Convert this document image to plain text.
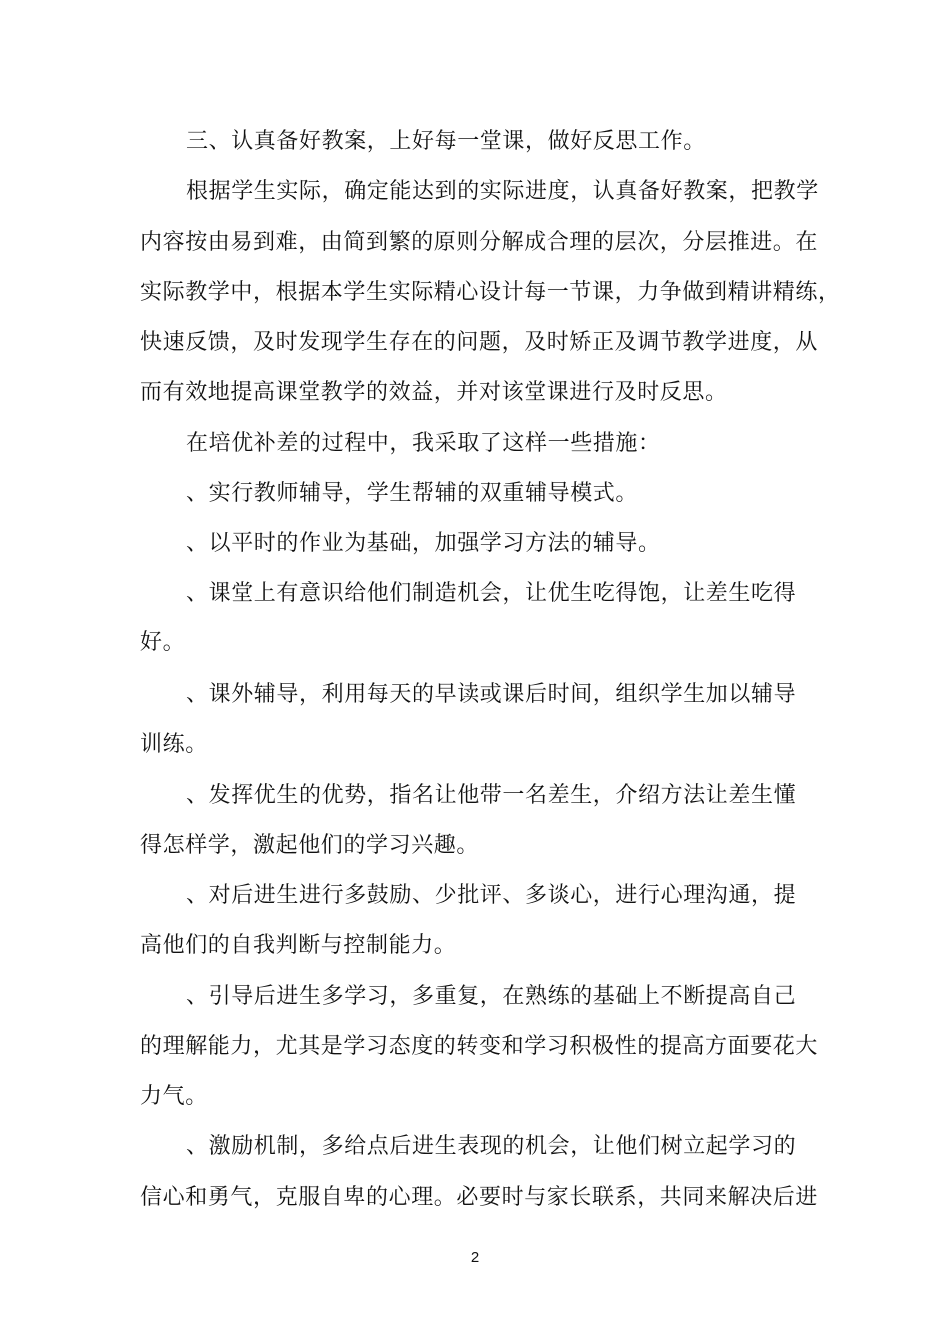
三、认真备好教案，上好每一堂课，做好反思工作。
根据学生实际，确定能达到的实际进度，认真备好教案，把教学
内容按由易到难，由简到繁的原则分解成合理的层次，分层推进。在
实际教学中，根据本学生实际精心设计每一节课，力争做到精讲精练，
快速反馈，及时发现学生存在的问题，及时矫正及调节教学进度，从
而有效地提高课堂教学的效益，并对该堂课进行及时反思。
在培优补差的过程中，我采取了这样一些措施：
、实行教师辅导，学生帮辅的双重辅导模式。
、以平时的作业为基础，加强学习方法的辅导。
、课堂上有意识给他们制造机会，让优生吃得饱，让差生吃得
好。
、课外辅导，利用每天的早读或课后时间，组织学生加以辅导
训练。
、发挥优生的优势，指名让他带一名差生，介绍方法让差生懂
得怎样学，激起他们的学习兴趣。
、对后进生进行多鼓励、少批评、多谈心，进行心理沟通，提
高他们的自我判断与控制能力。
、引导后进生多学习，多重复，在熟练的基础上不断提高自己
的理解能力，尤其是学习态度的转变和学习积极性的提高方面要花大
力气。
、激励机制，多给点后进生表现的机会，让他们树立起学习的
信心和勇气，克服自卑的心理。必要时与家长联系，共同来解决后进
2
